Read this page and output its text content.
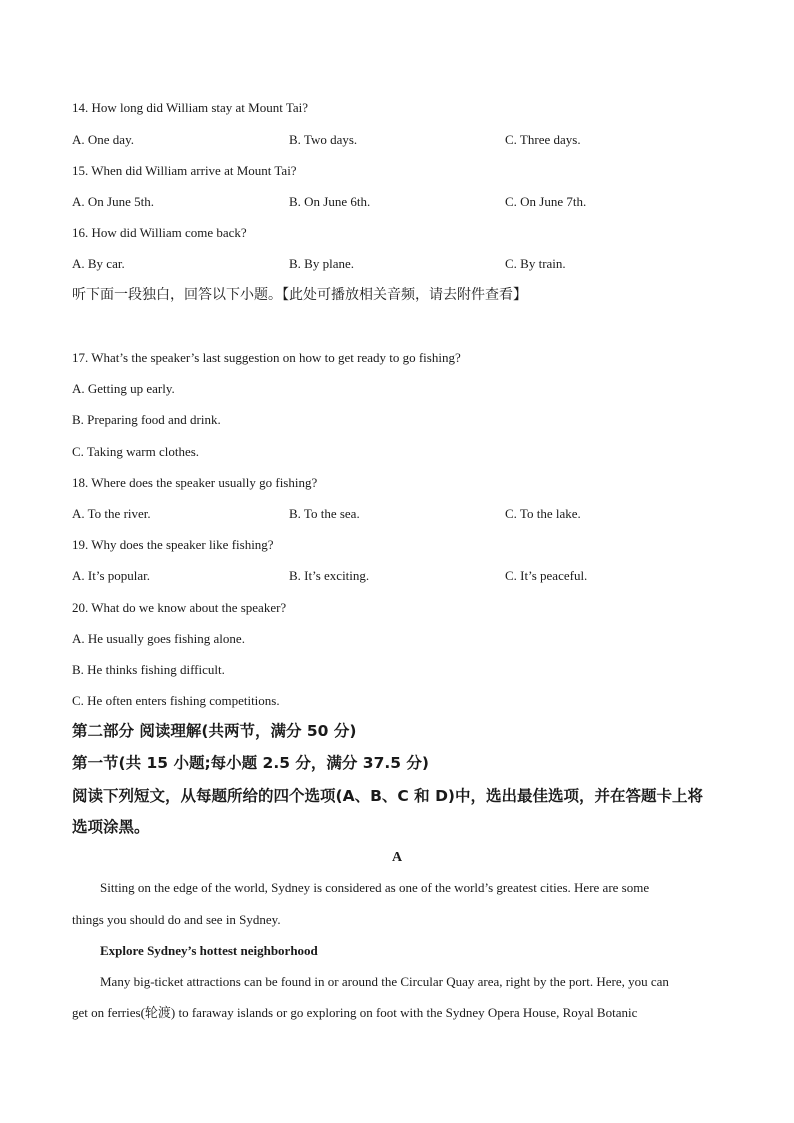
14. How long did William stay at Mount Tai?
A. One day.	B. Two days.	C. Three days.
15. When did William arrive at Mount Tai?
A. On June 5th.	B. On June 6th.	C. On June 7th.
16. How did William come back?
A. By car.	B. By plane.	C. By train.
听下面一段独白，回答以下小题。【此处可播放相关音频，请去附件查看】
17. What’s the speaker’s last suggestion on how to get ready to go fishing?
A. Getting up early.
B. Preparing food and drink.
C. Taking warm clothes.
18. Where does the speaker usually go fishing?
A. To the river.	B. To the sea.	C. To the lake.
19. Why does the speaker like fishing?
A. It’s popular.	B. It’s exciting.	C. It’s peaceful.
20. What do we know about the speaker?
A. He usually goes fishing alone.
B. He thinks fishing difficult.
C. He often enters fishing competitions.
第二部分 阅读理解(共两节，满分 50 分)
第一节(共 15 小题;每小题 2.5 分，满分 37.5 分)
阅读下列短文，从每题所给的四个选项(A、B、C 和 D)中，选出最佳选项，并在答题卡上将
选项涂黑。
A
Sitting on the edge of the world, Sydney is considered as one of the world’s greatest cities. Here are some
things you should do and see in Sydney.
Explore Sydney’s hottest neighborhood
Many big-ticket attractions can be found in or around the Circular Quay area, right by the port. Here, you can
get on ferries(轮渡) to faraway islands or go exploring on foot with the Sydney Opera House, Royal Botanic
